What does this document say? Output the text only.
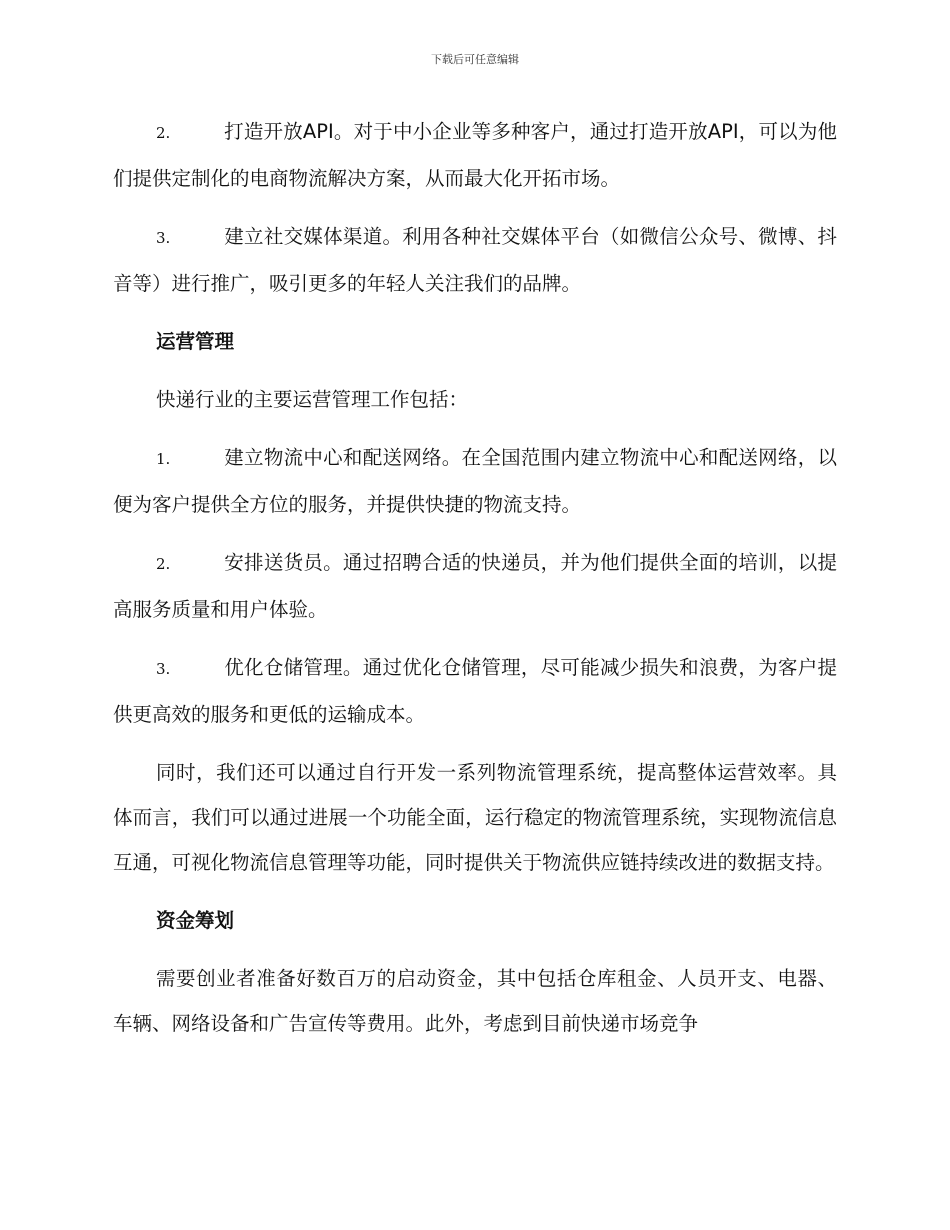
下载后可任意编辑

2.	打造开放API。对于中小企业等多种客户，通过打造开放API，可以为他们提供定制化的电商物流解决方案，从而最大化开拓市场。

3.	建立社交媒体渠道。利用各种社交媒体平台（如微信公众号、微博、抖音等）进行推广，吸引更多的年轻人关注我们的品牌。

运营管理

快递行业的主要运营管理工作包括：

1.	建立物流中心和配送网络。在全国范围内建立物流中心和配送网络，以便为客户提供全方位的服务，并提供快捷的物流支持。

2.	安排送货员。通过招聘合适的快递员，并为他们提供全面的培训，以提高服务质量和用户体验。

3.	优化仓储管理。通过优化仓储管理，尽可能减少损失和浪费，为客户提供更高效的服务和更低的运输成本。

同时，我们还可以通过自行开发一系列物流管理系统，提高整体运营效率。具体而言，我们可以通过进展一个功能全面，运行稳定的物流管理系统，实现物流信息互通，可视化物流信息管理等功能，同时提供关于物流供应链持续改进的数据支持。

资金筹划

需要创业者准备好数百万的启动资金，其中包括仓库租金、人员开支、电器、车辆、网络设备和广告宣传等费用。此外，考虑到目前快递市场竞争
